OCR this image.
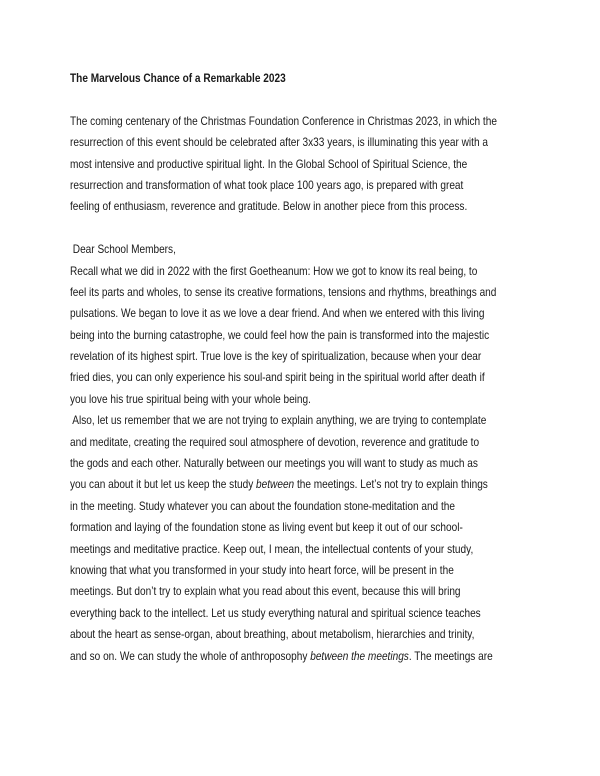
The Marvelous Chance of a Remarkable 2023
The coming centenary of the Christmas Foundation Conference in Christmas 2023, in which the
resurrection of this event should be celebrated after 3x33 years, is illuminating this year with a
most intensive and productive spiritual light. In the Global School of Spiritual Science, the
resurrection and transformation of what took place 100 years ago, is prepared with great
feeling of enthusiasm, reverence and gratitude. Below in another piece from this process.
Dear School Members,
Recall what we did in 2022 with the first Goetheanum: How we got to know its real being, to
feel its parts and wholes, to sense its creative formations, tensions and rhythms, breathings and
pulsations. We began to love it as we love a dear friend. And when we entered with this living
being into the burning catastrophe, we could feel how the pain is transformed into the majestic
revelation of its highest spirt. True love is the key of spiritualization, because when your dear
fried dies, you can only experience his soul-and spirit being in the spiritual world after death if
you love his true spiritual being with your whole being.
Also, let us remember that we are not trying to explain anything, we are trying to contemplate
and meditate, creating the required soul atmosphere of devotion, reverence and gratitude to
the gods and each other. Naturally between our meetings you will want to study as much as
you can about it but let us keep the study between the meetings. Let’s not try to explain things
in the meeting. Study whatever you can about the foundation stone-meditation and the
formation and laying of the foundation stone as living event but keep it out of our school-
meetings and meditative practice. Keep out, I mean, the intellectual contents of your study,
knowing that what you transformed in your study into heart force, will be present in the
meetings. But don’t try to explain what you read about this event, because this will bring
everything back to the intellect. Let us study everything natural and spiritual science teaches
about the heart as sense-organ, about breathing, about metabolism, hierarchies and trinity,
and so on. We can study the whole of anthroposophy between the meetings. The meetings are
